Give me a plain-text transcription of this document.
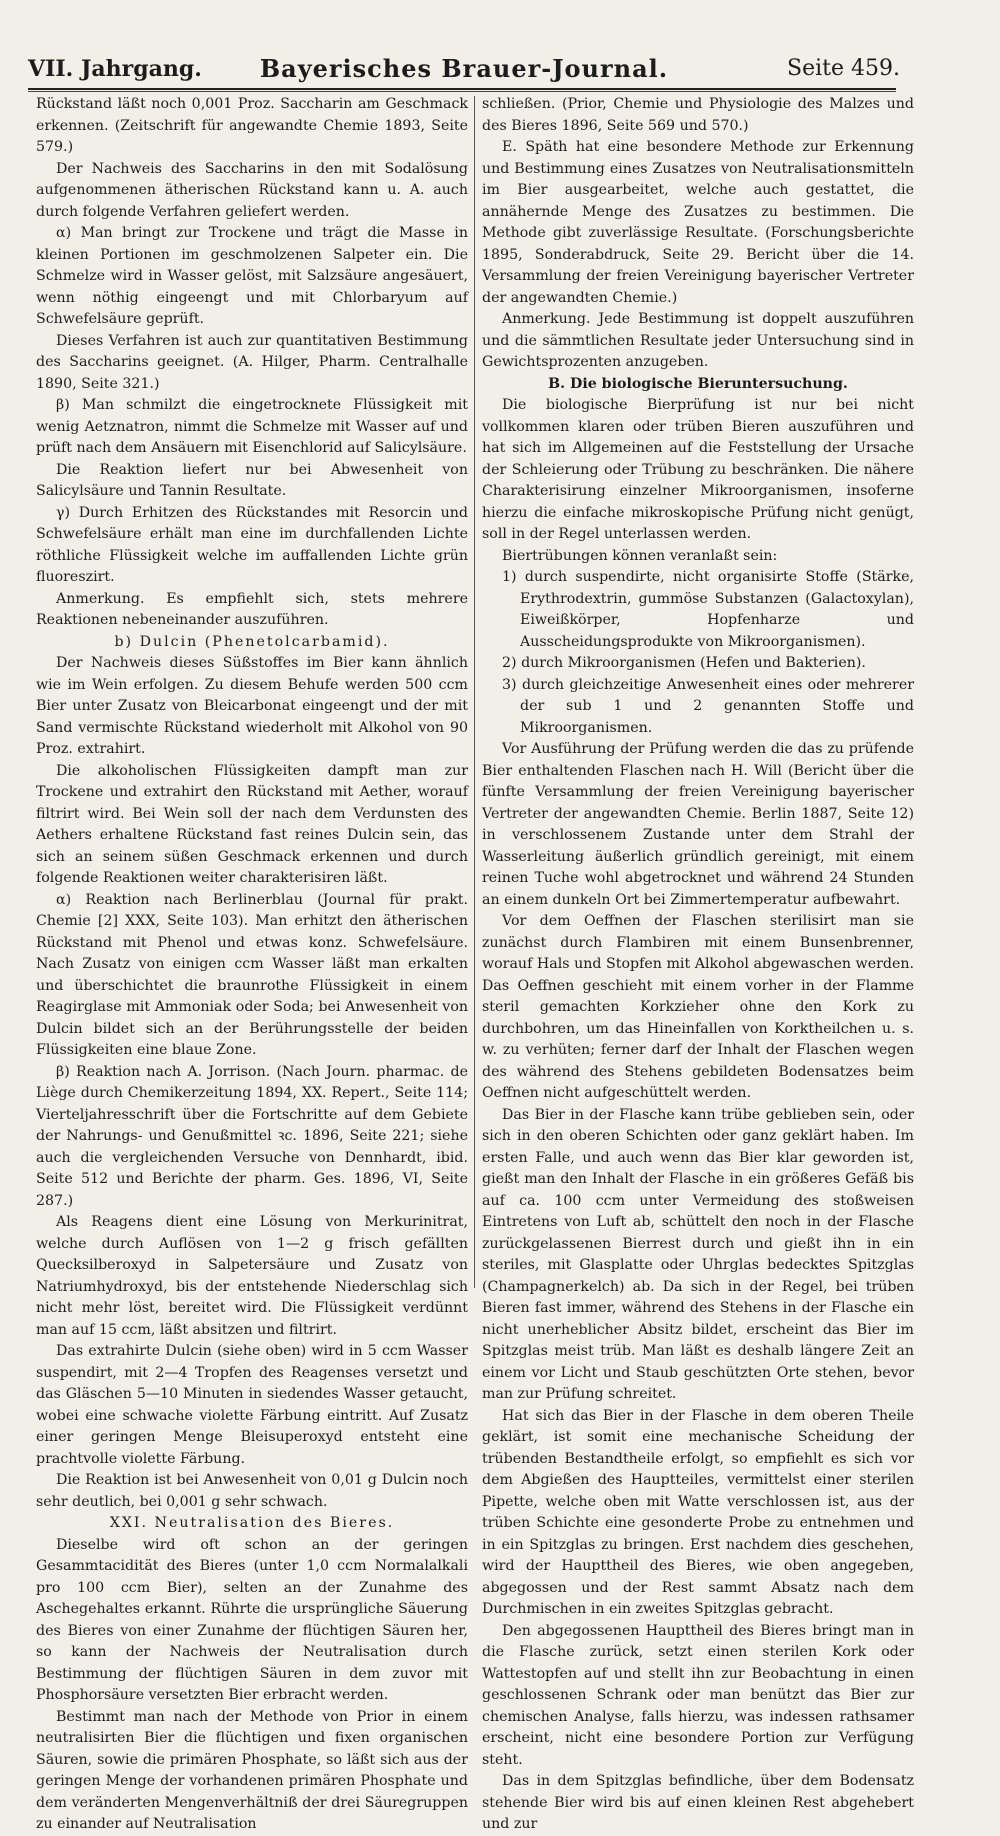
VII. Jahrgang.	Bayerisches Brauer-Journal.	Seite 459.

Rückstand läßt noch 0,001 Proz. Saccharin am Geschmack erkennen. (Zeitschrift für angewandte Chemie 1893, Seite 579.)

Der Nachweis des Saccharins in den mit Sodalösung aufgenommenen ätherischen Rückstand kann u. A. auch durch folgende Verfahren geliefert werden.

α) Man bringt zur Trockene und trägt die Masse in kleinen Portionen im geschmolzenen Salpeter ein. Die Schmelze wird in Wasser gelöst, mit Salzsäure angesäuert, wenn nöthig eingeengt und mit Chlorbaryum auf Schwefelsäure geprüft.

Dieses Verfahren ist auch zur quantitativen Bestimmung des Saccharins geeignet. (A. Hilger, Pharm. Centralhalle 1890, Seite 321.)

β) Man schmilzt die eingetrocknete Flüssigkeit mit wenig Aetznatron, nimmt die Schmelze mit Wasser auf und prüft nach dem Ansäuern mit Eisenchlorid auf Salicylsäure.

Die Reaktion liefert nur bei Abwesenheit von Salicylsäure und Tannin Resultate.

γ) Durch Erhitzen des Rückstandes mit Resorcin und Schwefelsäure erhält man eine im durchfallenden Lichte röthliche Flüssigkeit welche im auffallenden Lichte grün fluoreszirt.

Anmerkung. Es empfiehlt sich, stets mehrere Reaktionen nebeneinander auszuführen.

b) Dulcin (Phenetolcarbamid).

Der Nachweis dieses Süßstoffes im Bier kann ähnlich wie im Wein erfolgen. Zu diesem Behufe werden 500 ccm Bier unter Zusatz von Bleicarbonat eingeengt und der mit Sand vermischte Rückstand wiederholt mit Alkohol von 90 Proz. extrahirt.

Die alkoholischen Flüssigkeiten dampft man zur Trockene und extrahirt den Rückstand mit Aether, worauf filtrirt wird. Bei Wein soll der nach dem Verdunsten des Aethers erhaltene Rückstand fast reines Dulcin sein, das sich an seinem süßen Geschmack erkennen und durch folgende Reaktionen weiter charakterisiren läßt.

α) Reaktion nach Berlinerblau (Journal für prakt. Chemie [2] XXX, Seite 103). Man erhitzt den ätherischen Rückstand mit Phenol und etwas konz. Schwefelsäure. Nach Zusatz von einigen ccm Wasser läßt man erkalten und überschichtet die braunrothe Flüssigkeit in einem Reagirglase mit Ammoniak oder Soda; bei Anwesenheit von Dulcin bildet sich an der Berührungsstelle der beiden Flüssigkeiten eine blaue Zone.

β) Reaktion nach A. Jorrison. (Nach Journ. pharmac. de Liège durch Chemikerzeitung 1894, XX. Repert., Seite 114; Vierteljahresschrift über die Fortschritte auf dem Gebiete der Nahrungs- und Genußmittel ꝛc. 1896, Seite 221; siehe auch die vergleichenden Versuche von Dennhardt, ibid. Seite 512 und Berichte der pharm. Ges. 1896, VI, Seite 287.)

Als Reagens dient eine Lösung von Merkurinitrat, welche durch Auflösen von 1—2 g frisch gefällten Quecksilberoxyd in Salpetersäure und Zusatz von Natriumhydroxyd, bis der entstehende Niederschlag sich nicht mehr löst, bereitet wird. Die Flüssigkeit verdünnt man auf 15 ccm, läßt absitzen und filtrirt.

Das extrahirte Dulcin (siehe oben) wird in 5 ccm Wasser suspendirt, mit 2—4 Tropfen des Reagenses versetzt und das Gläschen 5—10 Minuten in siedendes Wasser getaucht, wobei eine schwache violette Färbung eintritt. Auf Zusatz einer geringen Menge Bleisuperoxyd entsteht eine prachtvolle violette Färbung.

Die Reaktion ist bei Anwesenheit von 0,01 g Dulcin noch sehr deutlich, bei 0,001 g sehr schwach.

XXI. Neutralisation des Bieres.

Dieselbe wird oft schon an der geringen Gesammtacidität des Bieres (unter 1,0 ccm Normalalkali pro 100 ccm Bier), selten an der Zunahme des Aschegehaltes erkannt. Rührte die ursprüngliche Säuerung des Bieres von einer Zunahme der flüchtigen Säuren her, so kann der Nachweis der Neutralisation durch Bestimmung der flüchtigen Säuren in dem zuvor mit Phosphorsäure versetzten Bier erbracht werden.

Bestimmt man nach der Methode von Prior in einem neutralisirten Bier die flüchtigen und fixen organischen Säuren, sowie die primären Phosphate, so läßt sich aus der geringen Menge der vorhandenen primären Phosphate und dem veränderten Mengenverhältniß der drei Säuregruppen zu einander auf Neutralisation

schließen. (Prior, Chemie und Physiologie des Malzes und des Bieres 1896, Seite 569 und 570.)

E. Späth hat eine besondere Methode zur Erkennung und Bestimmung eines Zusatzes von Neutralisationsmitteln im Bier ausgearbeitet, welche auch gestattet, die annähernde Menge des Zusatzes zu bestimmen. Die Methode gibt zuverlässige Resultate. (Forschungsberichte 1895, Sonderabdruck, Seite 29. Bericht über die 14. Versammlung der freien Vereinigung bayerischer Vertreter der angewandten Chemie.)

Anmerkung. Jede Bestimmung ist doppelt auszuführen und die sämmtlichen Resultate jeder Untersuchung sind in Gewichtsprozenten anzugeben.

B. Die biologische Bieruntersuchung.

Die biologische Bierprüfung ist nur bei nicht vollkommen klaren oder trüben Bieren auszuführen und hat sich im Allgemeinen auf die Feststellung der Ursache der Schleierung oder Trübung zu beschränken. Die nähere Charakterisirung einzelner Mikroorganismen, insoferne hierzu die einfache mikroskopische Prüfung nicht genügt, soll in der Regel unterlassen werden.

Biertrübungen können veranlaßt sein:

1) durch suspendirte, nicht organisirte Stoffe (Stärke, Erythrodextrin, gummöse Substanzen (Galactoxylan), Eiweißkörper, Hopfenharze und Ausscheidungsprodukte von Mikroorganismen).

2) durch Mikroorganismen (Hefen und Bakterien).

3) durch gleichzeitige Anwesenheit eines oder mehrerer der sub 1 und 2 genannten Stoffe und Mikroorganismen.

Vor Ausführung der Prüfung werden die das zu prüfende Bier enthaltenden Flaschen nach H. Will (Bericht über die fünfte Versammlung der freien Vereinigung bayerischer Vertreter der angewandten Chemie. Berlin 1887, Seite 12) in verschlossenem Zustande unter dem Strahl der Wasserleitung äußerlich gründlich gereinigt, mit einem reinen Tuche wohl abgetrocknet und während 24 Stunden an einem dunkeln Ort bei Zimmertemperatur aufbewahrt.

Vor dem Oeffnen der Flaschen sterilisirt man sie zunächst durch Flambiren mit einem Bunsenbrenner, worauf Hals und Stopfen mit Alkohol abgewaschen werden. Das Oeffnen geschieht mit einem vorher in der Flamme steril gemachten Korkzieher ohne den Kork zu durchbohren, um das Hineinfallen von Korktheilchen u. s. w. zu verhüten; ferner darf der Inhalt der Flaschen wegen des während des Stehens gebildeten Bodensatzes beim Oeffnen nicht aufgeschüttelt werden.

Das Bier in der Flasche kann trübe geblieben sein, oder sich in den oberen Schichten oder ganz geklärt haben. Im ersten Falle, und auch wenn das Bier klar geworden ist, gießt man den Inhalt der Flasche in ein größeres Gefäß bis auf ca. 100 ccm unter Vermeidung des stoßweisen Eintretens von Luft ab, schüttelt den noch in der Flasche zurückgelassenen Bierrest durch und gießt ihn in ein steriles, mit Glasplatte oder Uhrglas bedecktes Spitzglas (Champagnerkelch) ab. Da sich in der Regel, bei trüben Bieren fast immer, während des Stehens in der Flasche ein nicht unerheblicher Absitz bildet, erscheint das Bier im Spitzglas meist trüb. Man läßt es deshalb längere Zeit an einem vor Licht und Staub geschützten Orte stehen, bevor man zur Prüfung schreitet.

Hat sich das Bier in der Flasche in dem oberen Theile geklärt, ist somit eine mechanische Scheidung der trübenden Bestandtheile erfolgt, so empfiehlt es sich vor dem Abgießen des Hauptteiles, vermittelst einer sterilen Pipette, welche oben mit Watte verschlossen ist, aus der trüben Schichte eine gesonderte Probe zu entnehmen und in ein Spitzglas zu bringen. Erst nachdem dies geschehen, wird der Haupttheil des Bieres, wie oben angegeben, abgegossen und der Rest sammt Absatz nach dem Durchmischen in ein zweites Spitzglas gebracht.

Den abgegossenen Haupttheil des Bieres bringt man in die Flasche zurück, setzt einen sterilen Kork oder Wattestopfen auf und stellt ihn zur Beobachtung in einen geschlossenen Schrank oder man benützt das Bier zur chemischen Analyse, falls hierzu, was indessen rathsamer erscheint, nicht eine besondere Portion zur Verfügung steht.

Das in dem Spitzglas befindliche, über dem Bodensatz stehende Bier wird bis auf einen kleinen Rest abgehebert und zur
